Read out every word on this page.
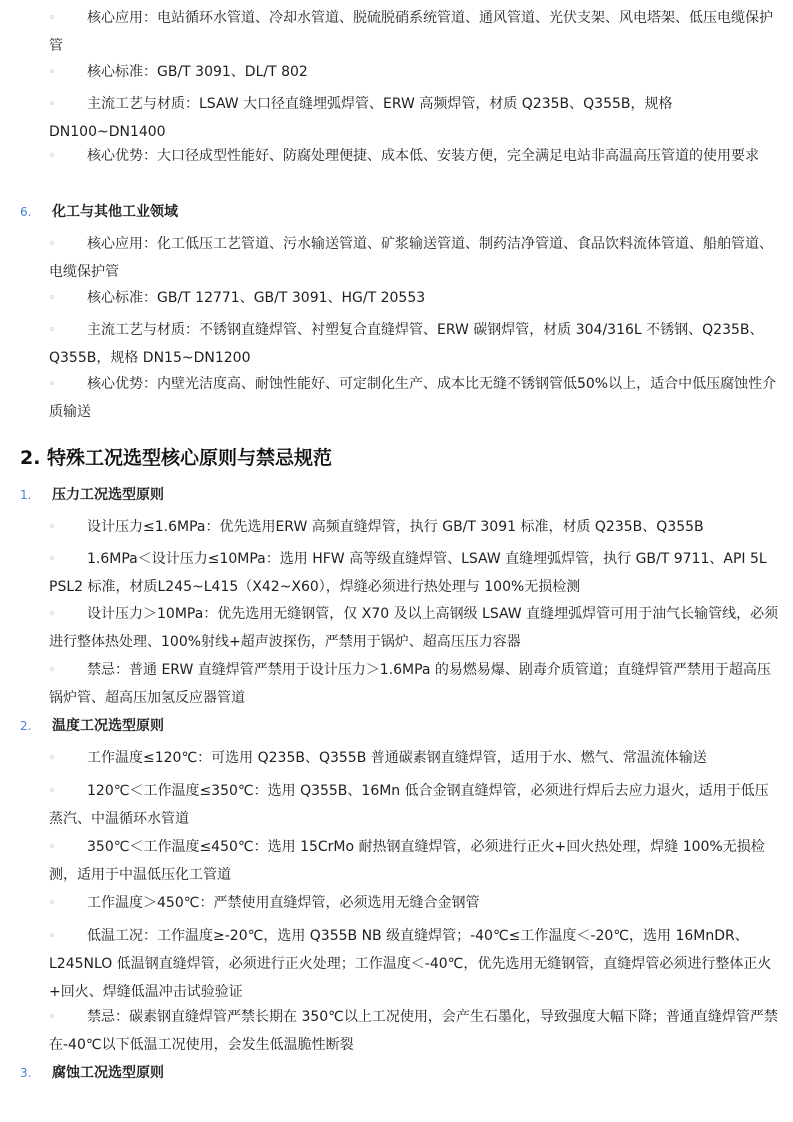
◦	核心应用：电站循环水管道、冷却水管道、脱硫脱硝系统管道、通风管道、光伏支架、风电塔架、低压电缆保护管
◦	核心标准：GB/T 3091、DL/T 802
◦	主流工艺与材质：LSAW 大口径直缝埋弧焊管、ERW 高频焊管，材质 Q235B、Q355B，规格 DN100~DN1400
◦	核心优势：大口径成型性能好、防腐处理便捷、成本低、安装方便，完全满足电站非高温高压管道的使用要求
6. 化工与其他工业领域
◦	核心应用：化工低压工艺管道、污水输送管道、矿浆输送管道、制药洁净管道、食品饮料流体管道、船舶管道、电缆保护管
◦	核心标准：GB/T 12771、GB/T 3091、HG/T 20553
◦	主流工艺与材质：不锈钢直缝焊管、衬塑复合直缝焊管、ERW 碳钢焊管，材质 304/316L 不锈钢、Q235B、Q355B，规格 DN15~DN1200
◦	核心优势：内壁光洁度高、耐蚀性能好、可定制化生产、成本比无缝不锈钢管低50%以上，适合中低压腐蚀性介质输送
2. 特殊工况选型核心原则与禁忌规范
1. 压力工况选型原则
◦	设计压力≤1.6MPa：优先选用ERW 高频直缝焊管，执行 GB/T 3091 标准，材质 Q235B、Q355B
◦	1.6MPa＜设计压力≤10MPa：选用 HFW 高等级直缝焊管、LSAW 直缝埋弧焊管，执行 GB/T 9711、API 5L PSL2 标准，材质L245~L415（X42~X60），焊缝必须进行热处理与 100%无损检测
◦	设计压力＞10MPa：优先选用无缝钢管，仅 X70 及以上高钢级 LSAW 直缝埋弧焊管可用于油气长输管线，必须进行整体热处理、100%射线+超声波探伤，严禁用于锅炉、超高压压力容器
◦	禁忌：普通 ERW 直缝焊管严禁用于设计压力＞1.6MPa 的易燃易爆、剧毒介质管道；直缝焊管严禁用于超高压锅炉管、超高压加氢反应器管道
2. 温度工况选型原则
◦	工作温度≤120℃：可选用 Q235B、Q355B 普通碳素钢直缝焊管，适用于水、燃气、常温流体输送
◦	120℃＜工作温度≤350℃：选用 Q355B、16Mn 低合金钢直缝焊管，必须进行焊后去应力退火，适用于低压蒸汽、中温循环水管道
◦	350℃＜工作温度≤450℃：选用 15CrMo 耐热钢直缝焊管，必须进行正火+回火热处理，焊缝 100%无损检测，适用于中温低压化工管道
◦	工作温度＞450℃：严禁使用直缝焊管，必须选用无缝合金钢管
◦	低温工况：工作温度≥-20℃，选用 Q355B NB 级直缝焊管；-40℃≤工作温度＜-20℃，选用 16MnDR、L245NLO 低温钢直缝焊管，必须进行正火处理；工作温度＜-40℃，优先选用无缝钢管，直缝焊管必须进行整体正火+回火、焊缝低温冲击试验验证
◦	禁忌：碳素钢直缝焊管严禁长期在 350℃以上工况使用，会产生石墨化，导致强度大幅下降；普通直缝焊管严禁在-40℃以下低温工况使用，会发生低温脆性断裂
3. 腐蚀工况选型原则
